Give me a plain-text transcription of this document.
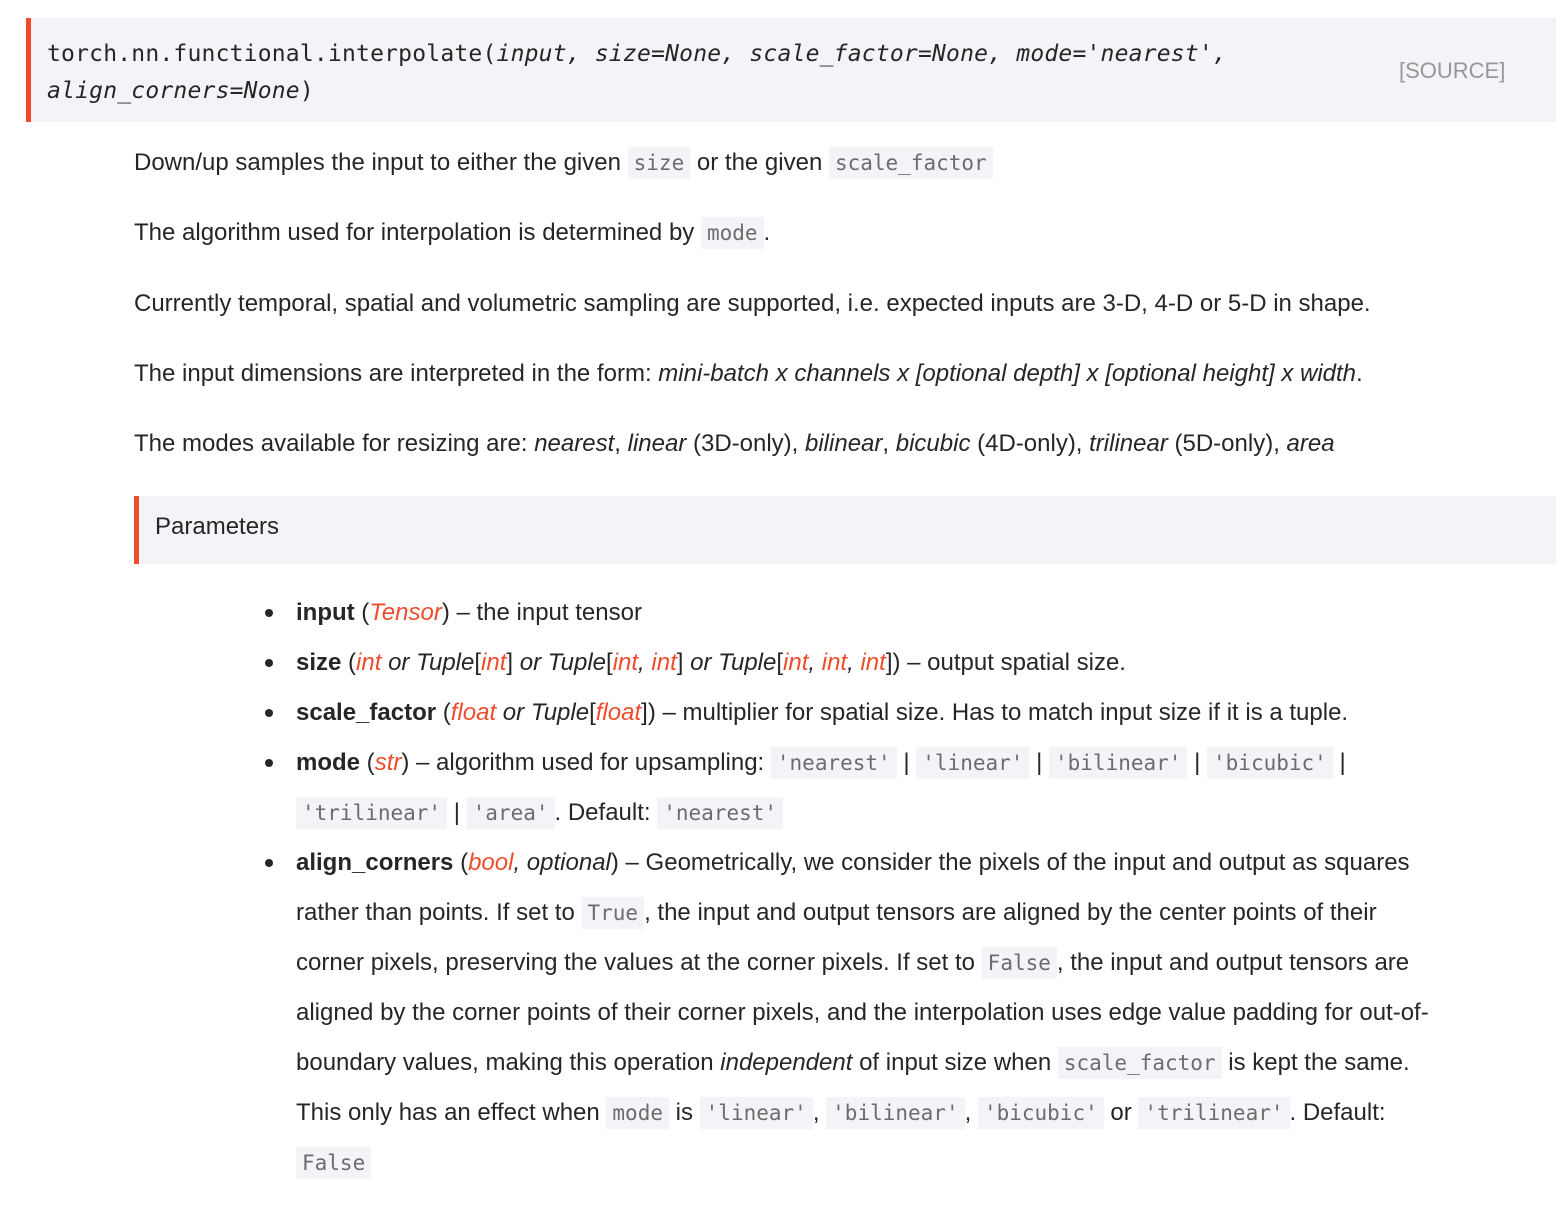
torch.nn.functional.interpolate(input, size=None, scale_factor=None, mode='nearest',
align_corners=None)
[SOURCE]
Down/up samples the input to either the given size or the given scale_factor
The algorithm used for interpolation is determined by mode .
Currently temporal, spatial and volumetric sampling are supported, i.e. expected inputs are 3-D, 4-D or 5-D in shape.
The input dimensions are interpreted in the form: mini-batch x channels x [optional depth] x [optional height] x width.
The modes available for resizing are: nearest, linear (3D-only), bilinear, bicubic (4D-only), trilinear (5D-only), area
Parameters
input (Tensor) – the input tensor
size (int or Tuple[int] or Tuple[int, int] or Tuple[int, int, int]) – output spatial size.
scale_factor (float or Tuple[float]) – multiplier for spatial size. Has to match input size if it is a tuple.
mode (str) – algorithm used for upsampling: 'nearest' | 'linear' | 'bilinear' | 'bicubic' |
'trilinear' | 'area' . Default: 'nearest'
align_corners (bool, optional) – Geometrically, we consider the pixels of the input and output as squares
rather than points. If set to True , the input and output tensors are aligned by the center points of their
corner pixels, preserving the values at the corner pixels. If set to False , the input and output tensors are
aligned by the corner points of their corner pixels, and the interpolation uses edge value padding for out-of-
boundary values, making this operation independent of input size when scale_factor is kept the same.
This only has an effect when mode is 'linear' , 'bilinear' , 'bicubic' or 'trilinear' . Default:
False
